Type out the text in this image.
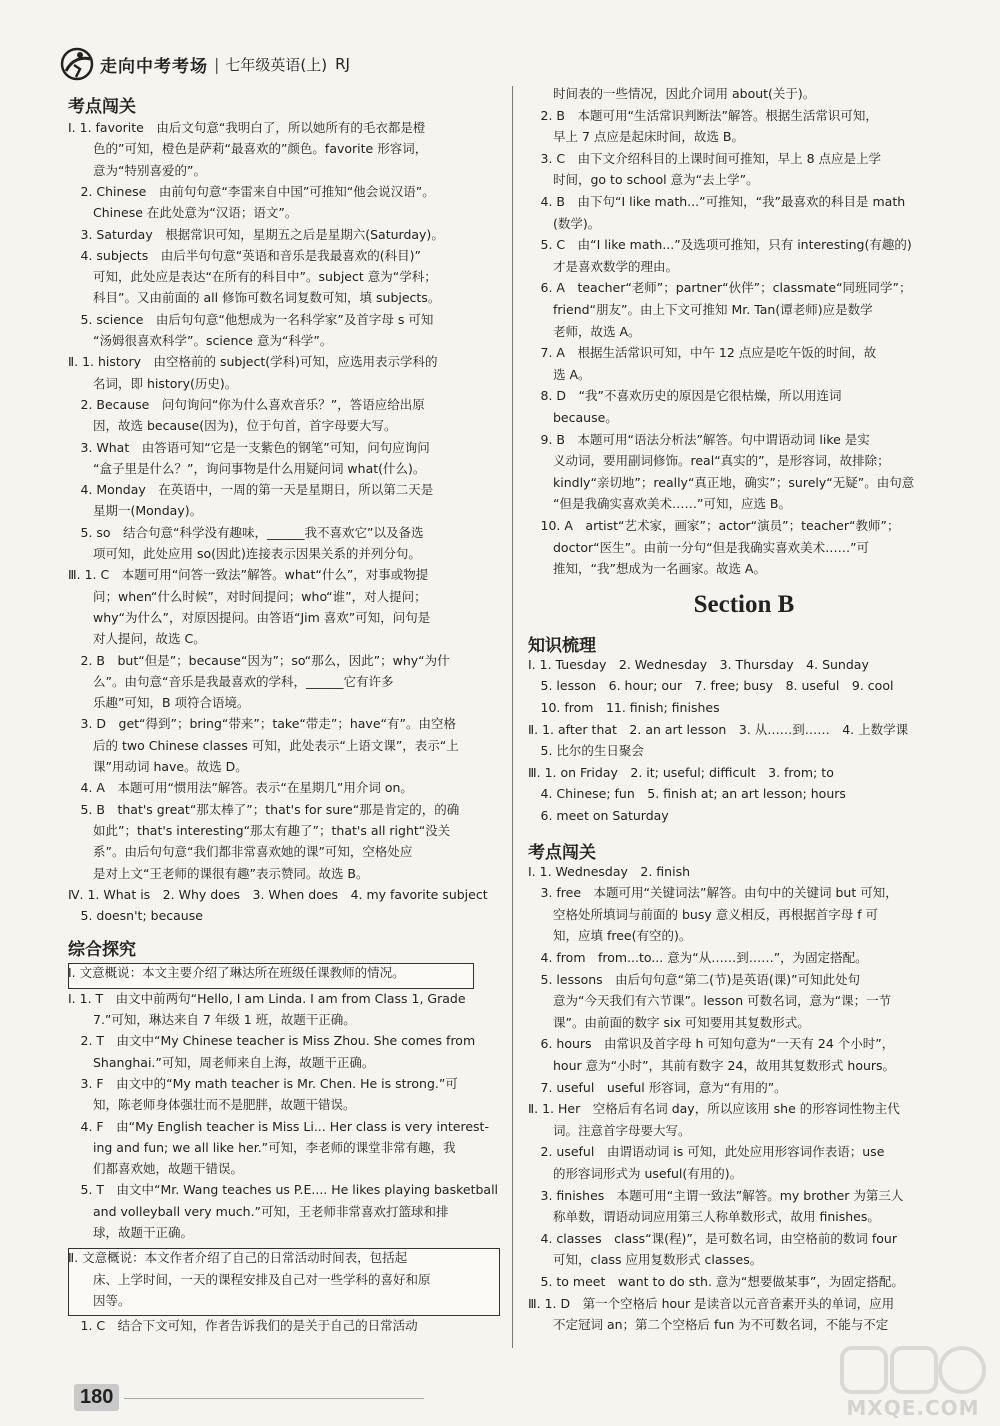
走向中考考场 | 七年级英语(上) RJ
考点闯关
Ⅰ. 1. favorite　由后文句意“我明白了，所以她所有的毛衣都是橙
　　色的”可知，橙色是萨莉“最喜欢的”颜色。favorite 形容词，
　　意为“特别喜爱的”。
　2. Chinese　由前句句意“李雷来自中国”可推知“他会说汉语”。
　　Chinese 在此处意为“汉语；语文”。
　3. Saturday　根据常识可知，星期五之后是星期六(Saturday)。
　4. subjects　由后半句句意“英语和音乐是我最喜欢的(科目)”
　　可知，此处应是表达“在所有的科目中”。subject 意为“学科；
　　科目”。又由前面的 all 修饰可数名词复数可知，填 subjects。
　5. science　由后句句意“他想成为一名科学家”及首字母 s 可知
　　“汤姆很喜欢科学”。science 意为“科学”。
Ⅱ. 1. history　由空格前的 subject(学科)可知，应选用表示学科的
　　名词，即 history(历史)。
　2. Because　问句询问“你为什么喜欢音乐？”，答语应给出原
　　因，故选 because(因为)，位于句首，首字母要大写。
　3. What　由答语可知“它是一支紫色的钢笔”可知，问句应询问
　　“盒子里是什么？”，询问事物是什么用疑问词 what(什么)。
　4. Monday　在英语中，一周的第一天是星期日，所以第二天是
　　星期一(Monday)。
　5. so　结合句意“科学没有趣味，______我不喜欢它”以及备选
　　项可知，此处应用 so(因此)连接表示因果关系的并列分句。
Ⅲ. 1. C　本题可用“问答一致法”解答。what“什么”，对事或物提
　　问；when“什么时候”，对时间提问；who“谁”，对人提问；
　　why“为什么”，对原因提问。由答语“Jim 喜欢”可知，问句是
　　对人提问，故选 C。
　2. B　but“但是”；because“因为”；so“那么，因此”；why“为什
　　么”。由句意“音乐是我最喜欢的学科，______它有许多
　　乐趣”可知，B 项符合语境。
　3. D　get“得到”；bring“带来”；take“带走”；have“有”。由空格
　　后的 two Chinese classes 可知，此处表示“上语文课”，表示“上
　　课”用动词 have。故选 D。
　4. A　本题可用“惯用法”解答。表示“在星期几”用介词 on。
　5. B　that's great“那太棒了”；that's for sure“那是肯定的，的确
　　如此”；that's interesting“那太有趣了”；that's all right“没关
　　系”。由后句句意“我们都非常喜欢她的课”可知，空格处应
　　是对上文“王老师的课很有趣”表示赞同。故选 B。
Ⅳ. 1. What is　2. Why does　3. When does　4. my favorite subject
　5. doesn't; because
综合探究
Ⅰ. 文意概说：本文主要介绍了琳达所在班级任课教师的情况。
Ⅰ. 1. T　由文中前两句“Hello, I am Linda. I am from Class 1, Grade
　　7.”可知，琳达来自 7 年级 1 班，故题干正确。
　2. T　由文中“My Chinese teacher is Miss Zhou. She comes from
　　Shanghai.”可知，周老师来自上海，故题干正确。
　3. F　由文中的“My math teacher is Mr. Chen. He is strong.”可
　　知，陈老师身体强壮而不是肥胖，故题干错误。
　4. F　由“My English teacher is Miss Li... Her class is very interest-
　　ing and fun; we all like her.”可知，李老师的课堂非常有趣，我
　　们都喜欢她，故题干错误。
　5. T　由文中“Mr. Wang teaches us P.E.... He likes playing basketball
　　and volleyball very much.”可知，王老师非常喜欢打篮球和排
　　球，故题干正确。
Ⅱ. 文意概说：本文作者介绍了自己的日常活动时间表，包括起
　　床、上学时间，一天的课程安排及自己对一些学科的喜好和原
　　因等。
　1. C　结合下文可知，作者告诉我们的是关于自己的日常活动
　　时间表的一些情况，因此介词用 about(关于)。
　2. B　本题可用“生活常识判断法”解答。根据生活常识可知，
　　早上 7 点应是起床时间，故选 B。
　3. C　由下文介绍科目的上课时间可推知，早上 8 点应是上学
　　时间，go to school 意为“去上学”。
　4. B　由下句“I like math...”可推知，“我”最喜欢的科目是 math
　　(数学)。
　5. C　由“I like math...”及选项可推知，只有 interesting(有趣的)
　　才是喜欢数学的理由。
　6. A　teacher“老师”；partner“伙伴”；classmate“同班同学”；
　　friend“朋友”。由上下文可推知 Mr. Tan(谭老师)应是数学
　　老师，故选 A。
　7. A　根据生活常识可知，中午 12 点应是吃午饭的时间，故
　　选 A。
　8. D　“我”不喜欢历史的原因是它很枯燥，所以用连词
　　because。
　9. B　本题可用“语法分析法”解答。句中谓语动词 like 是实
　　义动词，要用副词修饰。real“真实的”，是形容词，故排除；
　　kindly“亲切地”；really“真正地，确实”；surely“无疑”。由句意
　　“但是我确实喜欢美术……”可知，应选 B。
　10. A　artist“艺术家，画家”；actor“演员”；teacher“教师”；
　　doctor“医生”。由前一分句“但是我确实喜欢美术……”可
　　推知，“我”想成为一名画家。故选 A。
Section B
知识梳理
Ⅰ. 1. Tuesday　2. Wednesday　3. Thursday　4. Sunday
　5. lesson　6. hour; our　7. free; busy　8. useful　9. cool
　10. from　11. finish; finishes
Ⅱ. 1. after that　2. an art lesson　3. 从……到……　4. 上数学课
　5. 比尔的生日聚会
Ⅲ. 1. on Friday　2. it; useful; difficult　3. from; to
　4. Chinese; fun　5. finish at; an art lesson; hours
　6. meet on Saturday
考点闯关
Ⅰ. 1. Wednesday　2. finish
　3. free　本题可用“关键词法”解答。由句中的关键词 but 可知，
　　空格处所填词与前面的 busy 意义相反，再根据首字母 f 可
　　知，应填 free(有空的)。
　4. from　from...to... 意为“从……到……”，为固定搭配。
　5. lessons　由后句句意“第二(节)是英语(课)”可知此处句
　　意为“今天我们有六节课”。lesson 可数名词，意为“课；一节
　　课”。由前面的数字 six 可知要用其复数形式。
　6. hours　由常识及首字母 h 可知句意为“一天有 24 个小时”，
　　hour 意为“小时”，其前有数字 24，故用其复数形式 hours。
　7. useful　useful 形容词，意为“有用的”。
Ⅱ. 1. Her　空格后有名词 day，所以应该用 she 的形容词性物主代
　　词。注意首字母要大写。
　2. useful　由谓语动词 is 可知，此处应用形容词作表语；use
　　的形容词形式为 useful(有用的)。
　3. finishes　本题可用“主谓一致法”解答。my brother 为第三人
　　称单数，谓语动词应用第三人称单数形式，故用 finishes。
　4. classes　class“课(程)”，是可数名词，由空格前的数词 four
　　可知，class 应用复数形式 classes。
　5. to meet　want to do sth. 意为“想要做某事”，为固定搭配。
Ⅲ. 1. D　第一个空格后 hour 是读音以元音音素开头的单词，应用
　　不定冠词 an；第二个空格后 fun 为不可数名词，不能与不定
180	MXQE.COM
